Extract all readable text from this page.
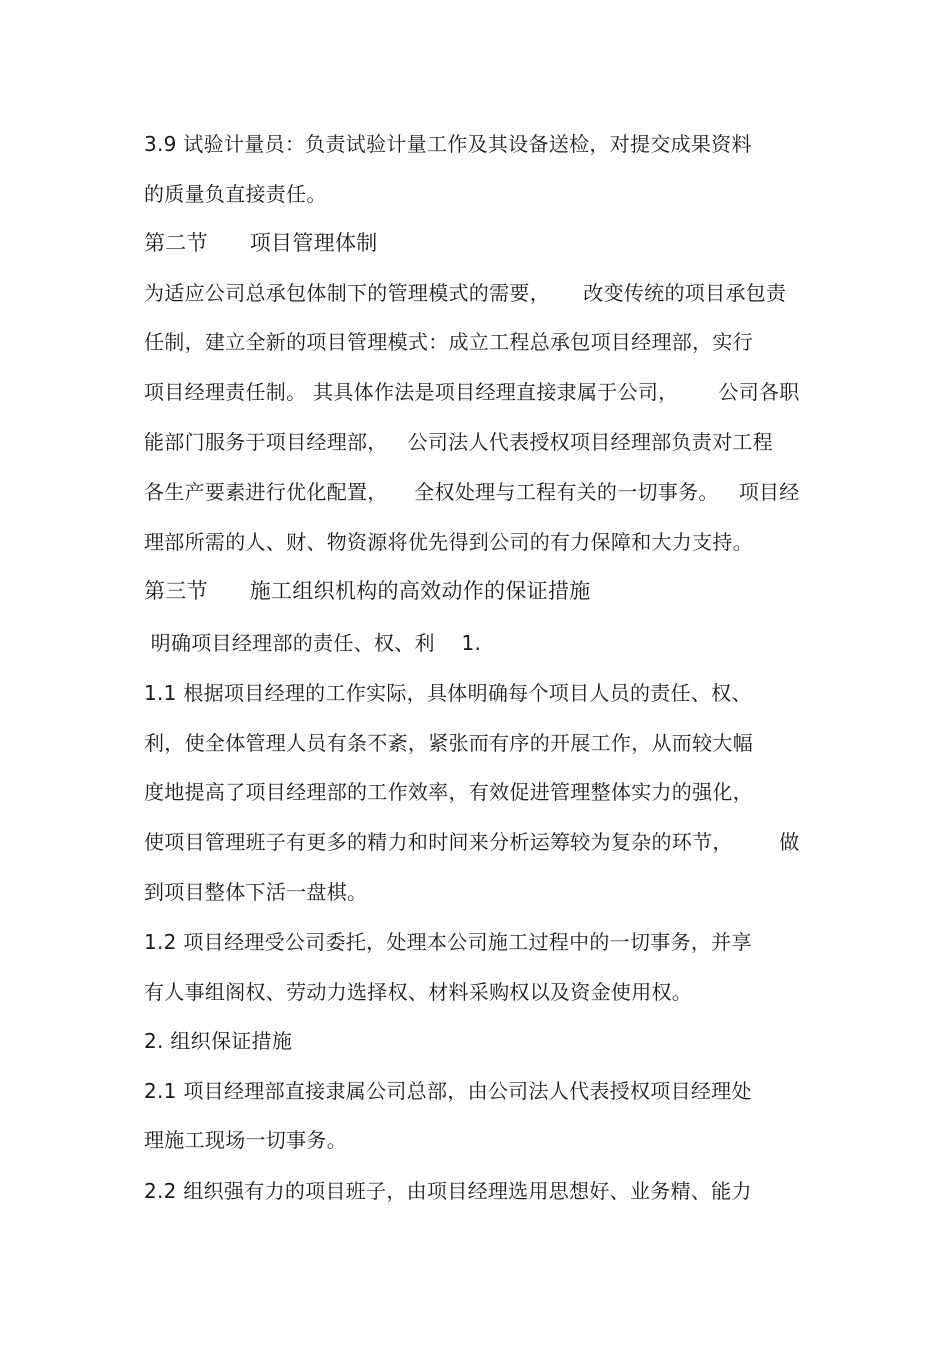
3.9 试验计量员：负责试验计量工作及其设备送检，对提交成果资料
的质量负直接责任。
第二节      项目管理体制
为适应公司总承包体制下的管理模式的需要，     改变传统的项目承包责
任制，建立全新的项目管理模式：成立工程总承包项目经理部，实行
项目经理责任制。 其具体作法是项目经理直接隶属于公司，      公司各职
能部门服务于项目经理部，   公司法人代表授权项目经理部负责对工程
各生产要素进行优化配置，    全权处理与工程有关的一切事务。   项目经
理部所需的人、财、物资源将优先得到公司的有力保障和大力支持。
第三节      施工组织机构的高效动作的保证措施
明确项目经理部的责任、权、利    1.
1.1 根据项目经理的工作实际，具体明确每个项目人员的责任、权、
利，使全体管理人员有条不紊，紧张而有序的开展工作，从而较大幅
度地提高了项目经理部的工作效率，有效促进管理整体实力的强化，
使项目管理班子有更多的精力和时间来分析运筹较为复杂的环节，       做
到项目整体下活一盘棋。
1.2 项目经理受公司委托，处理本公司施工过程中的一切事务，并享
有人事组阁权、劳动力选择权、材料采购权以及资金使用权。
2. 组织保证措施
2.1 项目经理部直接隶属公司总部，由公司法人代表授权项目经理处
理施工现场一切事务。
2.2 组织强有力的项目班子，由项目经理选用思想好、业务精、能力
